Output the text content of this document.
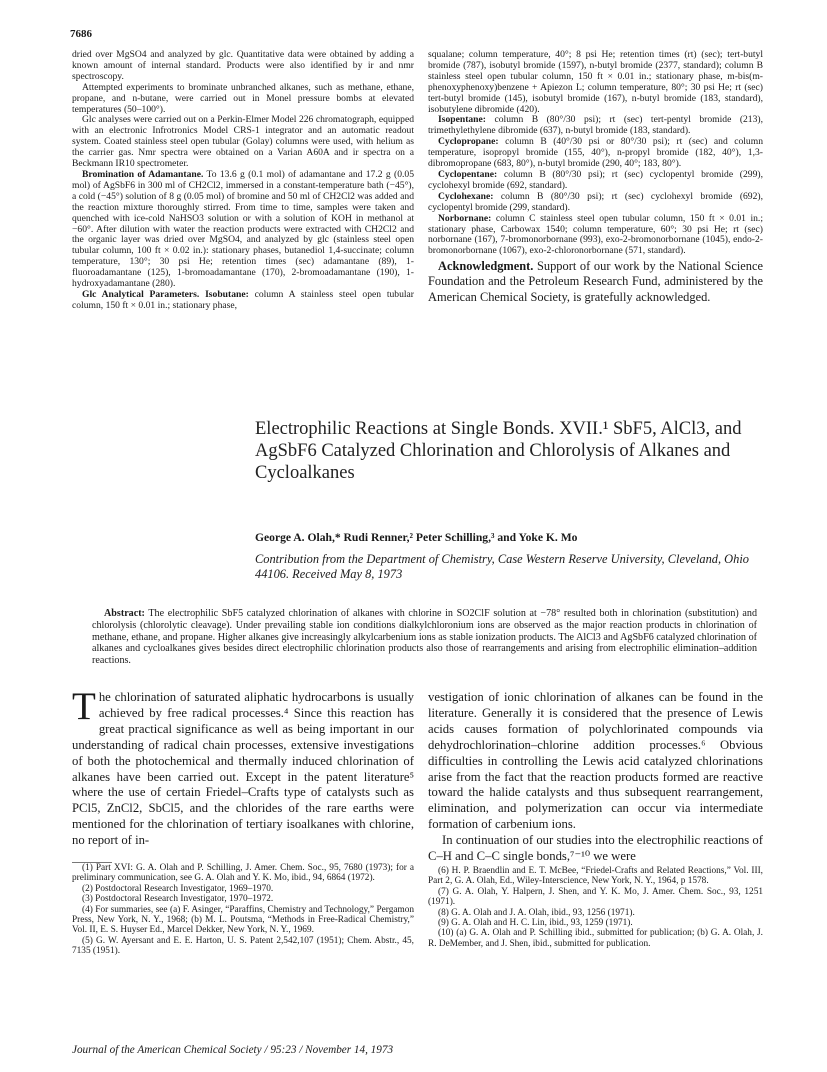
7686

dried over MgSO4 and analyzed by glc. Quantitative data were obtained by adding a known amount of internal standard. Products were also identified by ir and nmr spectroscopy.

Attempted experiments to brominate unbranched alkanes, such as methane, ethane, propane, and n-butane, were carried out in Monel pressure bombs at elevated temperatures (50–100°).

Glc analyses were carried out on a Perkin-Elmer Model 226 chromatograph, equipped with an electronic Infrotronics Model CRS-1 integrator and an automatic readout system. Coated stainless steel open tubular (Golay) columns were used, with helium as the carrier gas. Nmr spectra were obtained on a Varian A60A and ir spectra on a Beckmann IR10 spectrometer.

Bromination of Adamantane. To 13.6 g (0.1 mol) of adamantane and 17.2 g (0.05 mol) of AgSbF6 in 300 ml of CH2Cl2, immersed in a constant-temperature bath (−45°), a cold (−45°) solution of 8 g (0.05 mol) of bromine and 50 ml of CH2Cl2 was added and the reaction mixture thoroughly stirred. From time to time, samples were taken and quenched with ice-cold NaHSO3 solution or with a solution of KOH in methanol at −60°. After dilution with water the reaction products were extracted with CH2Cl2 and the organic layer was dried over MgSO4, and analyzed by glc (stainless steel open tubular column, 100 ft × 0.02 in.): stationary phases, butanediol 1,4-succinate; column temperature, 130°; 30 psi He; retention times (sec) adamantane (89), 1-fluoroadamantane (125), 1-bromoadamantane (170), 2-bromoadamantane (190), 1-hydroxyadamantane (280).

Glc Analytical Parameters. Isobutane: column A stainless steel open tubular column, 150 ft × 0.01 in.; stationary phase,

squalane; column temperature, 40°; 8 psi He; retention times (rt) (sec); tert-butyl bromide (787), isobutyl bromide (1597), n-butyl bromide (2377, standard); column B stainless steel open tubular column, 150 ft × 0.01 in.; stationary phase, m-bis(m-phenoxyphenoxy)benzene + Apiezon L; column temperature, 80°; 30 psi He; rt (sec) tert-butyl bromide (145), isobutyl bromide (167), n-butyl bromide (183, standard), isobutylene dibromide (420).

Isopentane: column B (80°/30 psi); rt (sec) tert-pentyl bromide (213), trimethylethylene dibromide (637), n-butyl bromide (183, standard).

Cyclopropane: column B (40°/30 psi or 80°/30 psi); rt (sec) and column temperature, isopropyl bromide (155, 40°), n-propyl bromide (182, 40°), 1,3-dibromopropane (683, 80°), n-butyl bromide (290, 40°; 183, 80°).

Cyclopentane: column B (80°/30 psi); rt (sec) cyclopentyl bromide (299), cyclohexyl bromide (692, standard).

Cyclohexane: column B (80°/30 psi); rt (sec) cyclohexyl bromide (692), cyclopentyl bromide (299, standard).

Norbornane: column C stainless steel open tubular column, 150 ft × 0.01 in.; stationary phase, Carbowax 1540; column temperature, 60°; 30 psi He; rt (sec) norbornane (167), 7-bromonorbornane (993), exo-2-bromonorbornane (1045), endo-2-bromonorbornane (1067), exo-2-chloronorbornane (571, standard).

Acknowledgment. Support of our work by the National Science Foundation and the Petroleum Research Fund, administered by the American Chemical Society, is gratefully acknowledged.
Electrophilic Reactions at Single Bonds. XVII.¹ SbF5, AlCl3, and AgSbF6 Catalyzed Chlorination and Chlorolysis of Alkanes and Cycloalkanes
George A. Olah,* Rudi Renner,² Peter Schilling,³ and Yoke K. Mo
Contribution from the Department of Chemistry, Case Western Reserve University, Cleveland, Ohio 44106. Received May 8, 1973
Abstract: The electrophilic SbF5 catalyzed chlorination of alkanes with chlorine in SO2ClF solution at −78° resulted both in chlorination (substitution) and chlorolysis (chlorolytic cleavage). Under prevailing stable ion conditions dialkylchloronium ions are observed as the major reaction products in chlorination of methane, ethane, and propane. Higher alkanes give increasingly alkylcarbenium ions as stable ionization products. The AlCl3 and AgSbF6 catalyzed chlorination of alkanes and cycloalkanes gives besides direct electrophilic chlorination products also those of rearrangements and arising from electrophilic elimination–addition reactions.

The chlorination of saturated aliphatic hydrocarbons is usually achieved by free radical processes.⁴ Since this reaction has great practical significance as well as being important in our understanding of radical chain processes, extensive investigations of both the photochemical and thermally induced chlorination of alkanes have been carried out. Except in the patent literature⁵ where the use of certain Friedel–Crafts type of catalysts such as PCl5, ZnCl2, SbCl5, and the chlorides of the rare earths were mentioned for the chlorination of tertiary isoalkanes with chlorine, no report of in-

vestigation of ionic chlorination of alkanes can be found in the literature. Generally it is considered that the presence of Lewis acids causes formation of polychlorinated compounds via dehydrochlorination–chlorine addition processes.⁶ Obvious difficulties in controlling the Lewis acid catalyzed chlorinations arise from the fact that the reaction products formed are reactive toward the halide catalysts and thus subsequent rearrangement, elimination, and polymerization can occur via intermediate formation of carbenium ions.

In continuation of our studies into the electrophilic reactions of C–H and C–C single bonds,⁷⁻¹⁰ we were

(1) Part XVI: G. A. Olah and P. Schilling, J. Amer. Chem. Soc., 95, 7680 (1973); for a preliminary communication, see G. A. Olah and Y. K. Mo, ibid., 94, 6864 (1972).

(2) Postdoctoral Research Investigator, 1969–1970.

(3) Postdoctoral Research Investigator, 1970–1972.

(4) For summaries, see (a) F. Asinger, “Paraffins, Chemistry and Technology,” Pergamon Press, New York, N. Y., 1968; (b) M. L. Poutsma, “Methods in Free-Radical Chemistry,” Vol. II, E. S. Huyser Ed., Marcel Dekker, New York, N. Y., 1969.

(5) G. W. Ayersant and E. E. Harton, U. S. Patent 2,542,107 (1951); Chem. Abstr., 45, 7135 (1951).

(6) H. P. Braendlin and E. T. McBee, “Friedel-Crafts and Related Reactions,” Vol. III, Part 2, G. A. Olah, Ed., Wiley-Interscience, New York, N. Y., 1964, p 1578.

(7) G. A. Olah, Y. Halpern, J. Shen, and Y. K. Mo, J. Amer. Chem. Soc., 93, 1251 (1971).

(8) G. A. Olah and J. A. Olah, ibid., 93, 1256 (1971).

(9) G. A. Olah and H. C. Lin, ibid., 93, 1259 (1971).

(10) (a) G. A. Olah and P. Schilling ibid., submitted for publication; (b) G. A. Olah, J. R. DeMember, and J. Shen, ibid., submitted for publication.

Journal of the American Chemical Society / 95:23 / November 14, 1973
